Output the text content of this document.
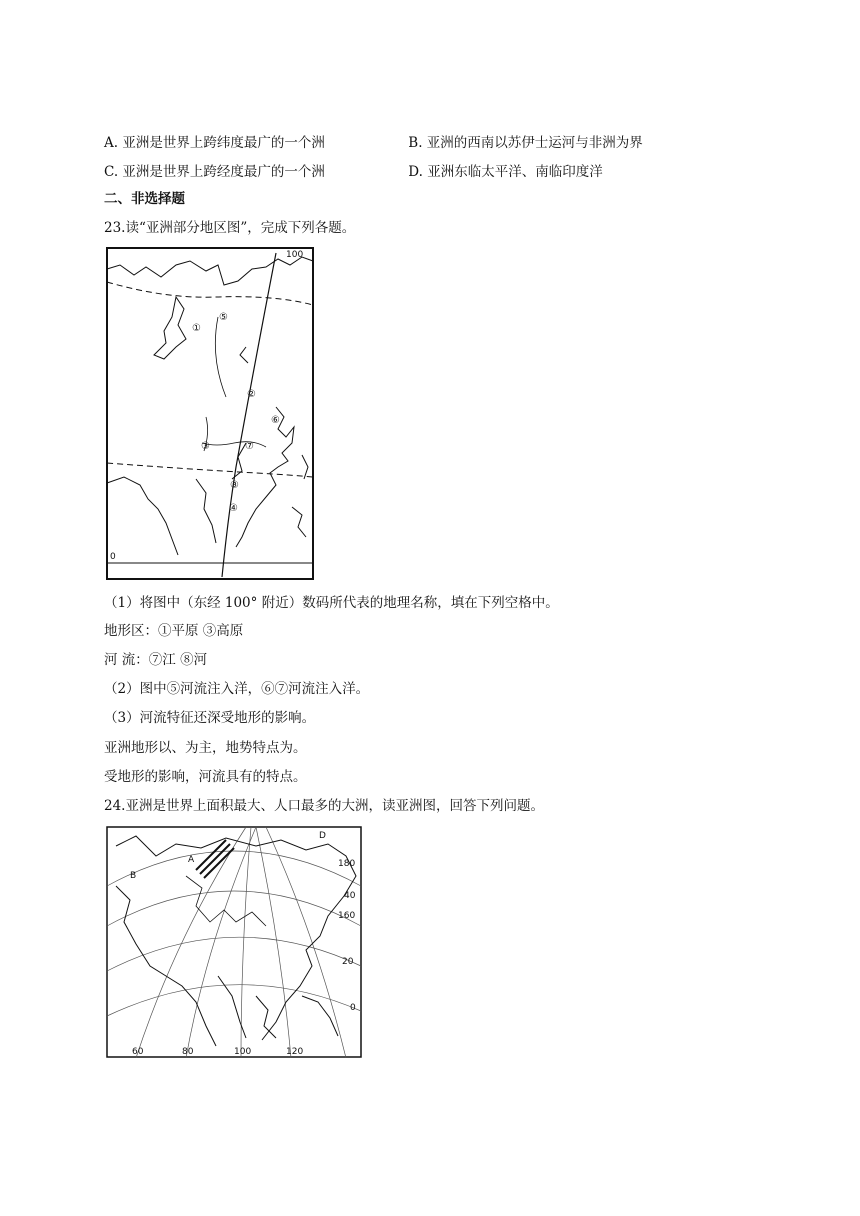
A. 亚洲是世界上跨纬度最广的一个洲	B. 亚洲的西南以苏伊士运河与非洲为界
C. 亚洲是世界上跨经度最广的一个洲	D. 亚洲东临太平洋、南临印度洋
二、非选择题
23.读“亚洲部分地区图”，完成下列各题。
100
⑤
①
②
⑥
③	⑦
⑧
④
0
（1）将图中（东经 100° 附近）数码所代表的地理名称，填在下列空格中。
地形区：①平原 ③高原
河 流：⑦江 ⑧河
（2）图中⑤河流注入洋，⑥⑦河流注入洋。
（3）河流特征还深受地形的影响。
亚洲地形以、为主，地势特点为。
受地形的影响，河流具有的特点。
24.亚洲是世界上面积最大、人口最多的大洲，读亚洲图，回答下列问题。
A
B
D
180
40
160
20
0
60	80	100	120
